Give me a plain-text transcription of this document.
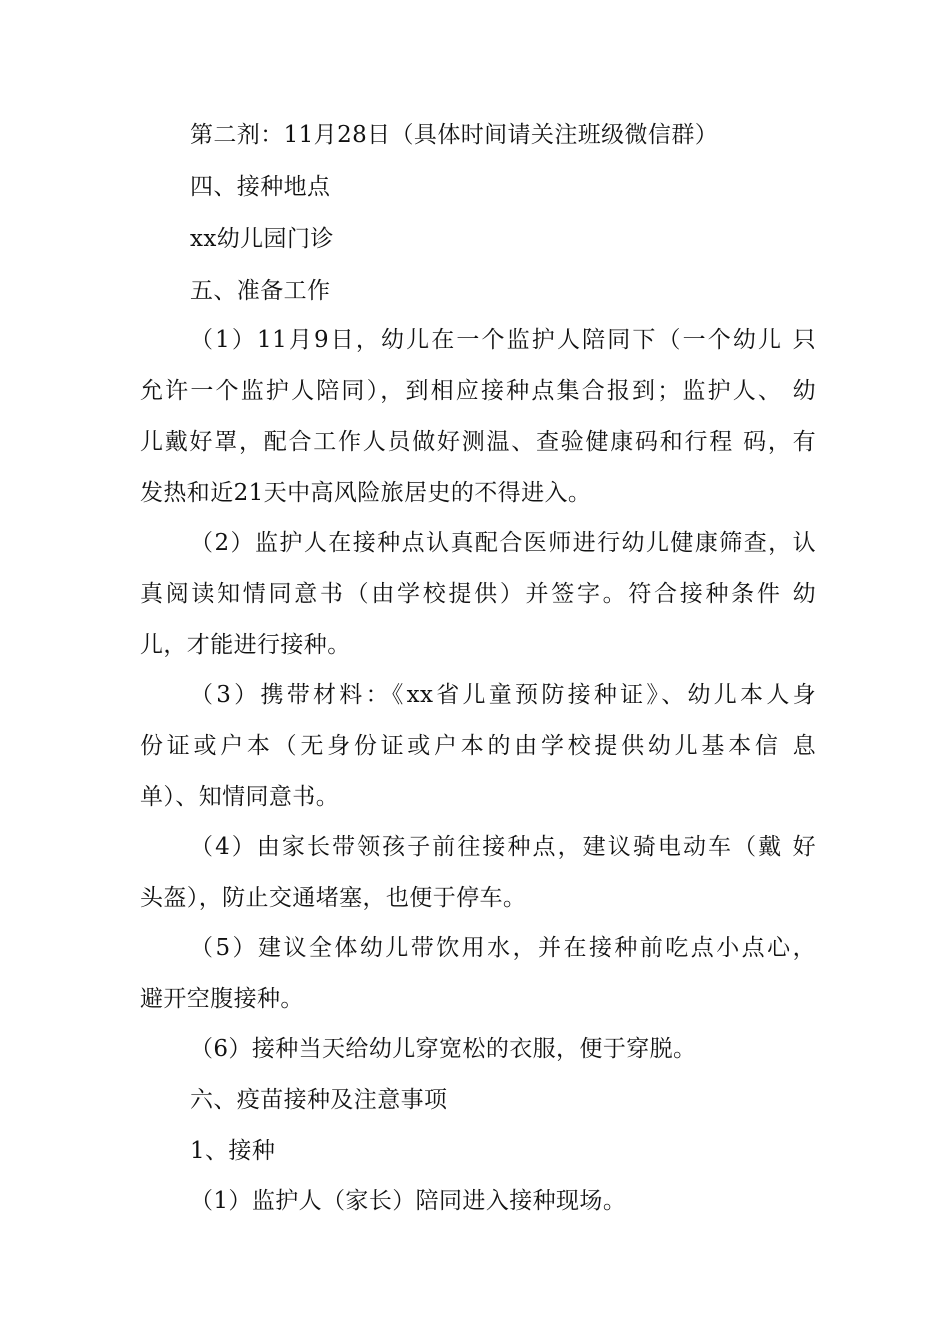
第二剂：11月28日（具体时间请关注班级微信群）
四、接种地点
xx幼儿园门诊
五、准备工作
（1）11月9日，幼儿在一个监护人陪同下（一个幼儿 只
允许一个监护人陪同），到相应接种点集合报到；监护人、 幼
儿戴好罩，配合工作人员做好测温、查验健康码和行程 码，有
发热和近21天中高风险旅居史的不得进入。
（2）监护人在接种点认真配合医师进行幼儿健康筛查，认
真阅读知情同意书（由学校提供）并签字。符合接种条件 幼
儿，才能进行接种。
（3）携带材料：《xx省儿童预防接种证》、幼儿本人身
份证或户本（无身份证或户本的由学校提供幼儿基本信 息
单）、知情同意书。
（4）由家长带领孩子前往接种点，建议骑电动车（戴 好
头盔），防止交通堵塞，也便于停车。
（5）建议全体幼儿带饮用水，并在接种前吃点小点心，
避开空腹接种。
（6）接种当天给幼儿穿宽松的衣服，便于穿脱。
六、疫苗接种及注意事项
1、接种
（1）监护人（家长）陪同进入接种现场。
